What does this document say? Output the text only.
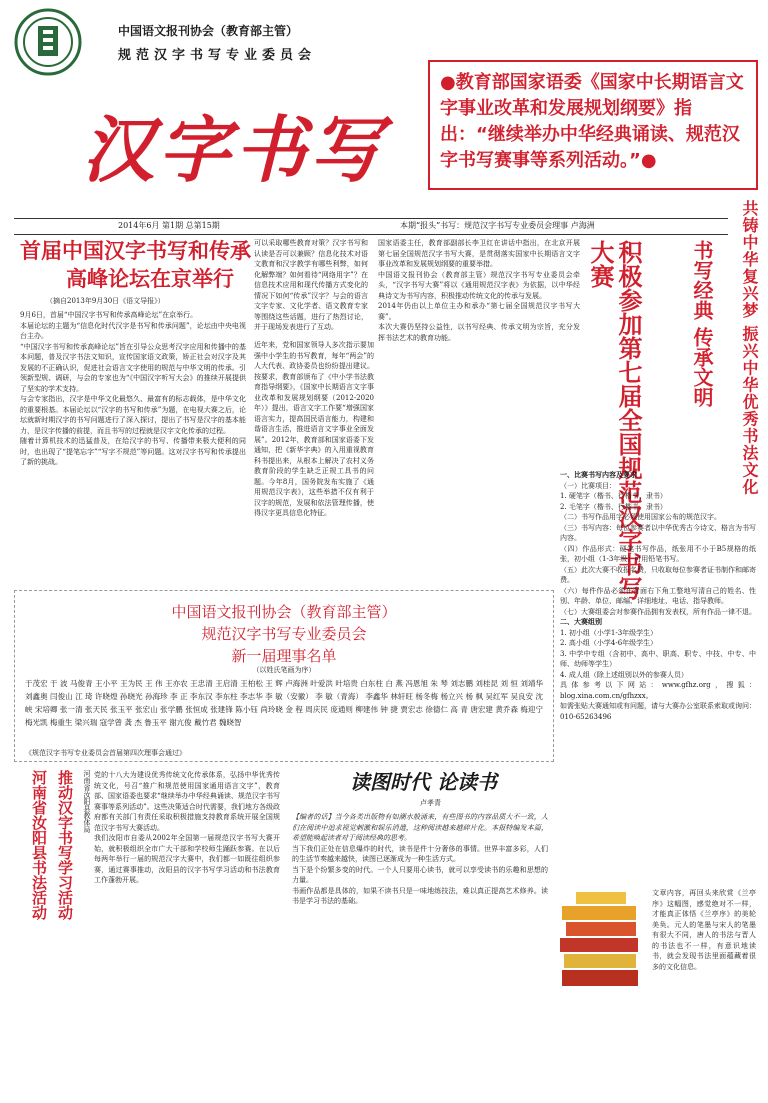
中国语文报刊协会（教育部主管）
规范汉字书写专业委员会
汉字书写
●教育部国家语委《国家中长期语言文字事业改革和发展规划纲要》指出：“继续举办中华经典诵读、规范汉字书写赛事等系列活动。”●
共铸中华复兴梦 振兴中华优秀书法文化
2014年6月 第1期 总第15期	本期“报头”书写：规范汉字书写专业委员会理事 卢海洲
首届中国汉字书写和传承
高峰论坛在京举行
（摘自2013年9月30日《语文导报》）

9月6日，首届“中国汉字书写和传承高峰论坛”在京举行。

本届论坛的主题为“信息化时代汉字是书写和传承问题”，论坛由中央电视台主办。

“中国汉字书写和传承高峰论坛”旨在引导公众思考汉字应用和传播中的基本问题，普及汉字书法文知识，宣传国家语文政策，矫正社会对汉字及其发展的不正确认识，促进社会语言文字使用的规范与中华文明的传承。引领新型规、调研，与会的专家也为“《中国汉字听写大会》的推续开展提供了坚实的学术支持。

与会专家指出，汉字是中华文化最悠久、最富有的标志载体，是中华文化的重要根基。本届论坛以“汉字的书写和传承”为题，在电视大赛之后，论坛就新时期汉字的书写问题进行了深入探讨，提出了书写是汉字的基本能力，是汉字传播的前提，而且书写的过程就是汉字文化传承的过程。

随着计算机技术的迅猛普及，在给汉字的书写、传播带来极大便利的同时，也出现了“提笔忘字”“写字不规范”等问题。这对汉字书写和传承提出了新的挑战。

可以采取哪些教育对策？汉字书写和认读是否可以兼顾？信息化技术对语文教育和汉字教学有哪些利弊，如何化解弊端？如何看待“网络用字”？在信息技术应用和现代传播方式变化的情况下如何“传承”汉字？与会的语言文字专家、文化学者、语文教育专家等围绕这些话题，进行了热烈讨论，并于现场发表进行了互动。

近年来，党和国家领导人多次指示要加强中小学生的书写教育，每年“两会”的人大代表、政协委员也纷纷提出建议。按要求，教育部颁布了《中小学书法教育指导纲要》，《国家中长期语言文字事业改革和发展规划纲要（2012-2020年）》提出，语言文字工作要“增强国家语言实力，提高国民语言能力，构建和谐语言生活，推进语言文字事业全面发展”。2012年，教育部和国家语委下发通知，把《新华字典》的入用重视教育科书提出来，从根本上解决了农村义务教育阶段的学生缺乏正规工具书的问题。今年8月，国务院发布实施了《通用规范汉字表》，这些举措不仅有利于汉字的规范，发展和依法管理传播，使得汉字更具信息化特征。	积极参加第七届全国规范汉字书写大赛	书写经典 传承文明

国家语委主任，教育部副部长李卫红在讲话中指出，在北京开展第七届全国规范汉字书写大赛，是贯彻落实国家中长期语言文字事业改革和发展规划纲要的重要举措。

中国语文报刊协会（教育部主管）规范汉字书写专业委员会牵头，“汉字书写大赛”将以《通用规范汉字表》为依据，以中华经典诗文为书写内容，积极推动传统文化的传承与发展。

2014年仍由以上单位主办和承办“第七届全国规范汉字书写大赛”。

本次大赛仍坚持公益性，以书写经典、传承文明为宗旨，充分发挥书法艺术的教育功能。

一、比赛书写内容及要求

（一）比赛项目：

1. 硬笔字（楷书、行楷书、隶书）

2. 毛笔字（楷书、行楷书、隶书）

（二）书写作品用字必须使用国家公布的规范汉字。

（三）书写内容：每位参赛者以中华优秀古今诗文、格言为书写内容。

（四）作品形式：硬笔书写作品，纸张用不小于B5规格的纸张，初小组（1-3年级）可用铅笔书写。

（五）此次大赛不收报名费，只收取每位参赛者证书制作和邮寄费。

（六）每件作品必须在背面右下角工整地写清自己的姓名、性别、年龄、单位、邮编、详细地址、电话、指导教师。

（七）大赛组委会对参赛作品拥有发表权，所有作品一律不退。

二、大赛组别

1. 初小组（小学1-3年级学生）

2. 高小组（小学4-6年级学生）

3. 中学中专组（含初中、高中、职高、职专、中技、中专、中师、幼师等学生）

4. 成人组（除上述组别以外的参赛人员）

具体参考以下网站：www.gfhz.org，搜狐：blog.xina.com.cn/gfhzxx。

如需张贴大赛通知或有问题，请与大赛办公室联系索取或询问：010-65263496

中国语文报刊协会（教育部主管）
规范汉字书写专业委员会
新一届理事名单
（以姓氏笔画为序）
于茂宏 于 波 马俊青 王小平 王为民 王 伟 王亦农 王忠清 王启清 王柏松 王 辉 卢海洲 叶爱洪 叶培贵 白东柱 白 燕 冯恩旭 朱 琴 刘志鹏 刘桂昆 刘 恒 刘靖华 刘鑫奥 闫俊山 江 琦 许晓煌 孙晓光 孙海珍 李 正 李东汉 李东柱 李志华 李 敏（安徽） 李 敏（青海） 李鑫华 林轩旺 杨冬梅 杨立兴 杨 枫 吴红军 吴良安 沈 峡 宋培卿 张一清 张天民 张玉平 张宏山 张学鹏 张恒成 张建锋 陈小钰 尚玲晓 金 程 周庆民 庞通则 柳建伟 钟 捷 贾宏志 徐德仁 高 青 唐宏建 黄乔森 梅迎宁 梅光凯 梅重生 梁兴瑞 寇学曾 龚 杰 鲁玉平 谢亢俊 戴竹君 魏晓智
《规范汉字书写专业委员会首届第四次理事会通过》
河南省汝阳县书法活动 推动汉字书写学习活动 河南省汝阳县教体局 党的十八大为建设优秀传统文化传承体系，弘扬中华优秀传统文化，号召“推广和规范使用国家通用语言文字”，教育部、国家语委也要求“继续举办中华经典诵读、规范汉字书写赛事等系列活动”。这些决策适合时代需要，我们地方各级政府都有关部门有责任采取积极措施支持教育系统开展全国规范汉字书写大赛活动。

我们汝阳市自委从2002年全国第一届规范汉字书写大赛开始，就积极组织全市广大干部和学校师生踊跃参赛。在以后每两年举行一届的规范汉字大赛中，我们都一如既往组织参赛，通过赛事推动，汝阳县的汉字书写学习活动和书法教育工作蓬勃开展。

读图时代 论读书
卢孝青

【编者的话】当今各类出版物有如潮水般涌来，有些图书的内容品质大不一致，人们在阅读中追求视觉刺激和娱乐消遣，这种阅读越来越碎片化。本报特编发本篇，希望能唤起读者对于阅读经典的思考。

当下我们正处在信息爆炸的时代，读书是件十分奢侈的事情。世界丰富多彩，人们的生活节奏越来越快，读图已逐渐成为一种生活方式。

当下是个纷繁多变的时代。一个人只要用心读书，就可以享受读书的乐趣和思想的力量。

书画作品都是具体的，如果不读书只是一味地练技法，难以真正提高艺术修养。读书是学习书法的基础。

文章内容，再回头来欣赏《兰亭序》这幅图，感觉绝对不一样，才能真正体悟《兰亭序》的美轮美奂。元人的笔墨与宋人的笔墨有很大不同，唐人的书法与晋人的书法也不一样，有意识地读书，就会发现书法里面蕴藏着很多的文化信息。
